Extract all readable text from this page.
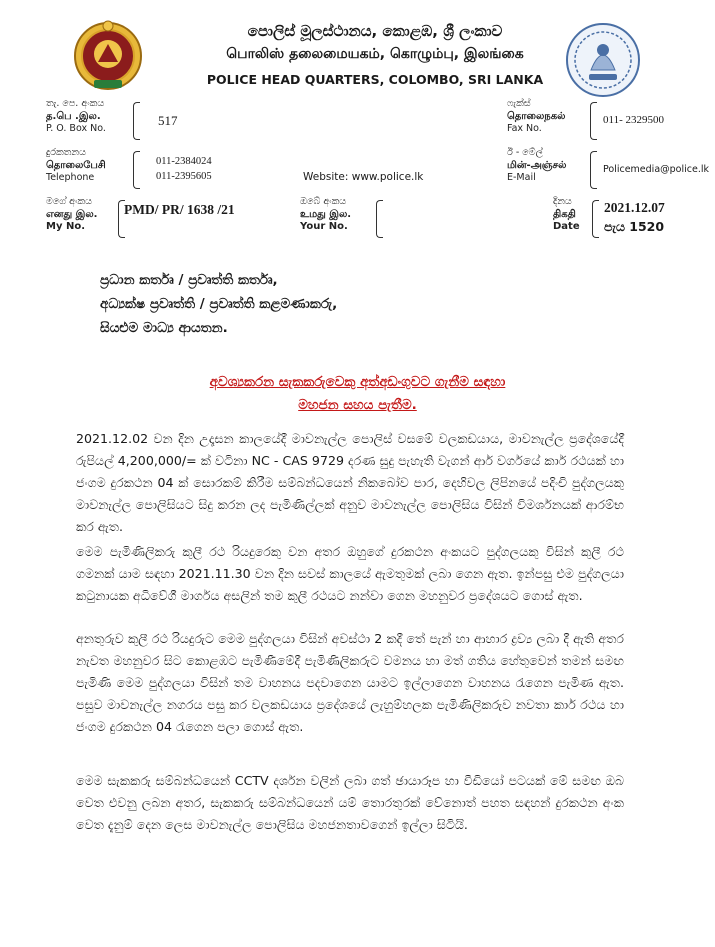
පොලිස් මූලස්ථානය, කොළඹ, ශ්‍රී ලංකාව
பொலிஸ் தலைமையகம், கொழும்பு, இலங்கை
POLICE HEAD QUARTERS, COLOMBO, SRI LANKA
තැ. පෙ. අංකය
த.பெ .இல.
P. O. Box No.
517
ෆැක්ස්
தொலைநகல்
Fax No.
011- 2329500
දුරකතනය
தொலைபேசி
Telephone
011-2384024
011-2395605	Website: www.police.lk
ඊ - මේල්
மின்-அஞ்சல்
E-Mail
Policemedia@police.lk
මගේ අංකය
எனது இல.
My No.
PMD/ PR/ 1638 /21
ඔබේ අංකය
உமது இல.
Your No.
දිනය
திகதி
Date
2021.12.07
පැය 1520
ප්‍රධාන කර්තෘ / ප්‍රවෘත්ති කර්තෘ,
අධ්‍යක්ෂ ප්‍රවෘත්ති / ප්‍රවෘත්ති කළමණාකරු,
සියළුම මාධ්‍ය ආයතන.
අවශ්‍යකරන සැකකරුවෙකු අත්අඩංගුවට ගැනීම සඳහා
මහජන සහය පැතීම.

2021.12.02 වන දින උදෑසන කාලයේදී මාවනැල්ල පොලිස් වසමේ වලකඩයාය, මාවනැල්ල ප්‍රදේශයේදී රුපියල් 4,200,000/= ක් වටිනා NC - CAS 9729 දරණ සුදු පැහැති වැගන් ආර් වර්ගයේ කාර් රථයක් හා ජංගම දුරකථන 04 ක් සොරකම් කිරීම සම්බන්ධයෙන් නිකබෝව පාර, දෙහිවල ලිපිනයේ පදිංචි පුද්ගලයකු මාවනැල්ල පොලිසියට සිදු කරන ලද පැමිණිල්ලක් අනුව මාවනැල්ල පොලිසිය විසින් විමර්ශනයක් ආරම්භ කර ඇත.

මෙම පැමිණිලිකරු කුලී රථ රියදුරෙකු වන අතර ඔහුගේ දුරකථන අංකයට පුද්ගලයකු විසින් කුලී රථ ගමනක් යාම සඳහා 2021.11.30 වන දින සවස් කාලයේ ඇමතුමක් ලබා ගෙන ඇත. ඉන්පසු එම පුද්ගලයා කටුනායක අධිවේගී මාර්ගය අසලින් තම කුලී රථයට නන්වා ගෙන මහනුවර ප්‍රදේශයට ගොස් ඇත.

අනතුරුව කුලී රථ රියදුරුට මෙම පුද්ගලයා විසින් අවස්ථා 2 කදී තේ පැන් හා ආහාර ද්‍රව්‍ය ලබා දී ඇති අතර නැවත මහනුවර සිට කොළඹට පැමිණීමේදී පැමිණිලිකරුට වමනය හා මත් ගතිය හේතුවෙන් තමන් සමඟ පැමිණි මෙම පුද්ගලයා විසින් තම වාහනය පදවාගෙන යාමට ඉල්ලාගෙන වාහනය රැගෙන පැමිණ ඇත. පසුව මාවනැල්ල නගරය පසු කර වලකඩයාය ප්‍රදේශයේ ලැහුම්හලක පැමිණිලිකරුව නවතා කාර් රථය හා ජංගම දුරකථන 04 රැගෙන පලා ගොස් ඇත.

මෙම සැකකරු සම්බන්ධයෙන් CCTV දර්ශන වලින් ලබා ගත් ඡායාරූප හා වීඩියෝ පටයක් මේ සමඟ ඔබ වෙත එවනු ලබන අතර, සැකකරු සම්බන්ධයෙන් යම් තොරතුරක් වේනොත් පහත සඳහන් දුරකථන අංක වෙත දැනුම් දෙන ලෙස මාවනැල්ල පොලිසිය මහජනතාවගෙන් ඉල්ලා සිටියි.
